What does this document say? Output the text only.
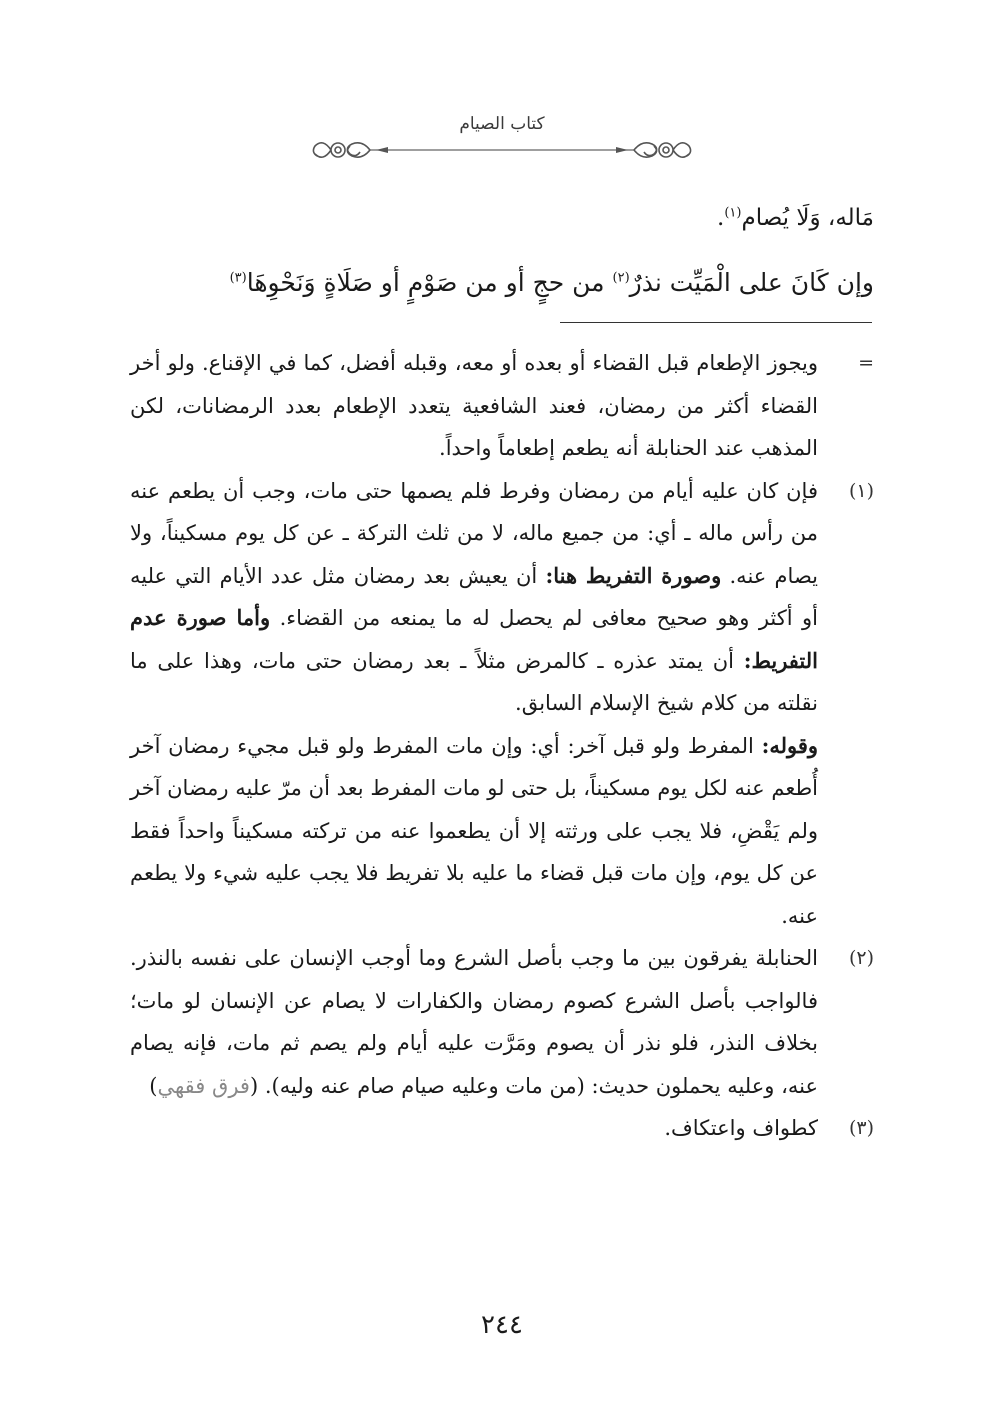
كتاب الصيام
مَاله، وَلَا يُصام$^{(١)}$.
وإن كَانَ على الْمَيِّت نذرٌ$^{(٢)}$ من حجٍ أو من صَوْمٍ أو صَلَاةٍ وَنَحْوِهَا$^{(٣)}$
=

ويجوز الإطعام قبل القضاء أو بعده أو معه، وقبله أفضل، كما في الإقناع. ولو أخر القضاء أكثر من رمضان، فعند الشافعية يتعدد الإطعام بعدد الرمضانات، لكن المذهب عند الحنابلة أنه يطعم إطعاماً واحداً.

(١)

فإن كان عليه أيام من رمضان وفرط فلم يصمها حتى مات، وجب أن يطعم عنه من رأس ماله ـ أي: من جميع ماله، لا من ثلث التركة ـ عن كل يوم مسكيناً، ولا يصام عنه. وصورة التفريط هنا: أن يعيش بعد رمضان مثل عدد الأيام التي عليه أو أكثر وهو صحيح معافى لم يحصل له ما يمنعه من القضاء. وأما صورة عدم التفريط: أن يمتد عذره ـ كالمرض مثلاً ـ بعد رمضان حتى مات، وهذا على ما نقلته من كلام شيخ الإسلام السابق.

وقوله: المفرط ولو قبل آخر: أي: وإن مات المفرط ولو قبل مجيء رمضان آخر أُطعم عنه لكل يوم مسكيناً، بل حتى لو مات المفرط بعد أن مرّ عليه رمضان آخر ولم يَقْضِ، فلا يجب على ورثته إلا أن يطعموا عنه من تركته مسكيناً واحداً فقط عن كل يوم، وإن مات قبل قضاء ما عليه بلا تفريط فلا يجب عليه شيء ولا يطعم عنه.

(٢)

الحنابلة يفرقون بين ما وجب بأصل الشرع وما أوجب الإنسان على نفسه بالنذر. فالواجب بأصل الشرع كصوم رمضان والكفارات لا يصام عن الإنسان لو مات؛ بخلاف النذر، فلو نذر أن يصوم ومَرَّت عليه أيام ولم يصم ثم مات، فإنه يصام عنه، وعليه يحملون حديث: (من مات وعليه صيام صام عنه وليه). (فرق فقهي)

(٣)

كطواف واعتكاف.

٢٤٤
